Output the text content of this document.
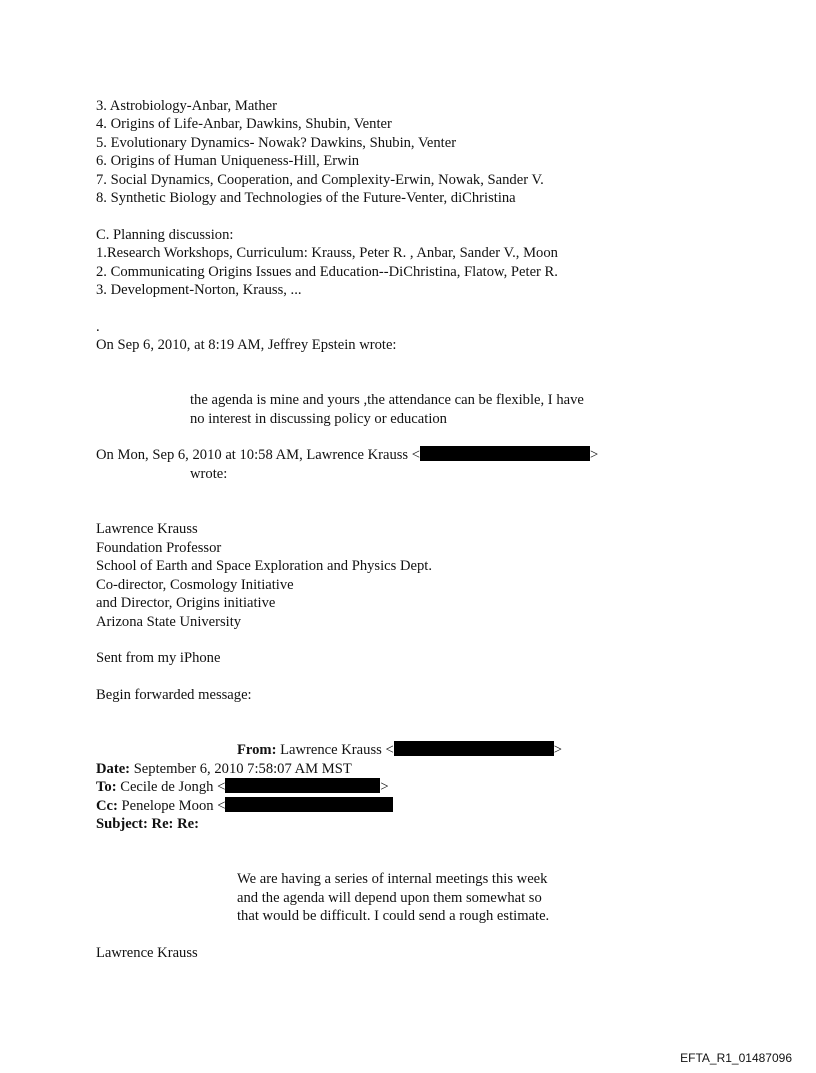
3. Astrobiology-Anbar, Mather
4. Origins of Life-Anbar, Dawkins, Shubin, Venter
5. Evolutionary Dynamics- Nowak? Dawkins, Shubin, Venter
6. Origins of Human Uniqueness-Hill, Erwin
7. Social Dynamics, Cooperation, and Complexity-Erwin, Nowak, Sander V.
8. Synthetic Biology and Technologies of the Future-Venter, diChristina
C. Planning discussion:
1.Research Workshops, Curriculum: Krauss, Peter R. , Anbar, Sander V., Moon
2. Communicating Origins Issues and Education--DiChristina, Flatow, Peter R.
3. Development-Norton, Krauss, ...
.
On Sep 6, 2010, at 8:19 AM, Jeffrey Epstein wrote:
the agenda is mine and yours ,the attendance can be flexible, I have
no interest in discussing policy or education
On Mon, Sep 6, 2010 at 10:58 AM, Lawrence Krauss <	>
wrote:
Lawrence Krauss
Foundation Professor
School of Earth and Space Exploration and Physics Dept.
Co-director, Cosmology Initiative
and Director, Origins initiative
Arizona State University
Sent from my iPhone
Begin forwarded message:
From: Lawrence Krauss <	>
Date: September 6, 2010 7:58:07 AM MST
To: Cecile de Jongh <	>
Cc: Penelope Moon <
Subject: Re: Re:
We are having a series of internal meetings this week
and the agenda will depend upon them somewhat so
that would be difficult. I could send a rough estimate.
Lawrence Krauss
EFTA_R1_01487096
